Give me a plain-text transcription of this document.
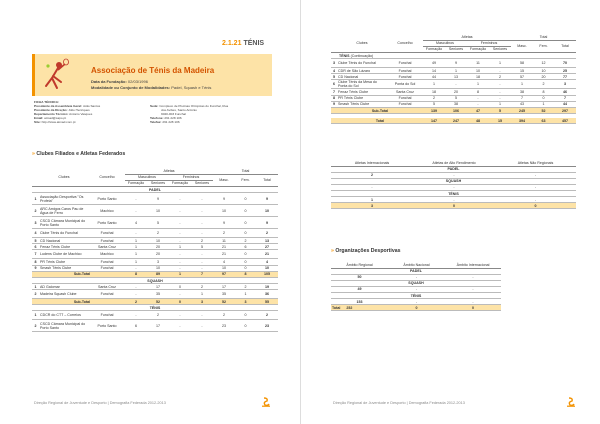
2.1.21 TÉNIS
Associação de Ténis da Madeira
Data da Fundação: 02/03/1996
Modalidade ou Conjunto de Modalidades: Padel, Squash e Ténis
FICHA TÉCNICA:
Presidente da Assembleia Geral: João Santos
Presidente da Direção: Júlio Henriques
Departamento Técnico: Antonio Vasques
Email: atmad@sapo.pt
Site: http://www.atmad.com.pt
Sede: Complexo de Piscinas Olímpicas do Funchal, Rua
dos Aviões, Santo António
9020-003 Funchal
Telefone: 291 228 106
Telefax: 291 228 106
» Clubes Filiados e Atletas Federados
	Clubes	Concelho	Atletas				Total		
			Masculinos		Femininos		Masc.	Fem.	Total
			Formação	Seniores	Formação	Seniores			
PADEL									
1	Associação Desportiva "Os Profeta"	Porto Santo	-	9	-	-	9	0	9
2	ARC Amigos Caros Pau de Água de Ferro	Machico	-	10	-	-	10	0	10
3	CSCD Câmara Municipal do Porto Santo	Porto Santo	4	5	-	-	9	0	9
4	Clube Ténis do Funchal	Funchal	-	2	-	-	2	0	2
5	CD Nacional	Funchal	1	10	-	2	11	2	13
6	Fenaz Ténis Clube	Santa Cruz	1	20	1	5	21	6	27
7	Ludens Clube de Machico	Machico	1	20	-	-	21	0	21
8	PR Ténis Clube	Funchal	1	3	-	-	4	0	4
9	Smash Ténis Clube	Funchal	-	10	-	-	10	0	10
	Sub-Total		8	89	1	7	97	8	105
SQUASH									
1	AD Galomar	Santa Cruz	-	17	0	2	17	2	19
2	Madeira Squash Clube	Funchal	-	35	-	1	35	1	36
	Sub-Total		2	52	0	3	52	3	55
TÉNIS									
1	CDCR do CTT – Correios	Funchal	-	2	-	-	2	0	2
2	CSCD Câmara Municipal do Porto Santo	Porto Santo	6	17	-	-	23	0	23
Direção Regional de Juventude e Desporto | Demografia Federada 2012-2013
	Clubes	Concelho	Atletas				Total		
			Masculinos		Femininos		Masc.	Fem.	Total
			Formação	Seniores	Formação	Seniores			
TÉNIS (Continuação)									
3	Clube Ténis do Funchal	Funchal	49	9	11	1	58	12	70
4	CDR de São Lázaro	Funchal	14	1	10	-	15	10	25
5	CD Nacional	Funchal	44	13	18	2	57	20	77
6	Clube Ténis da Mesa do Ponta do Sol	Ponta do Sol	1	-	1	-	1	2	3
7	Fenaz Ténis Clube	Santa Cruz	18	20	8	-	38	8	46
8	PR Ténis Clube	Funchal	2	5	-	-	7	0	7
9	Smash Ténis Clube	Funchal	5	38	-	1	43	1	44
	Sub-Total		139	106	47	5	245	52	297

	Total		147	247	48	15	394	63	457
Atletas Internacionais	Atletas de Alto Rendimento	Atletas Não Regionais
PADEL		
2	-	-
SQUASH		
-	-	-
TÉNIS		
1	-	-
3	0	0
» Organizações Desportivas
Âmbito Regional	Âmbito Nacional	Âmbito Internacional
PADEL		
50	-	-
SQUASH		
49	-	-
TÉNIS		
153	-	-
Total 252	0	0
Direção Regional de Juventude e Desporto | Demografia Federada 2012-2013
